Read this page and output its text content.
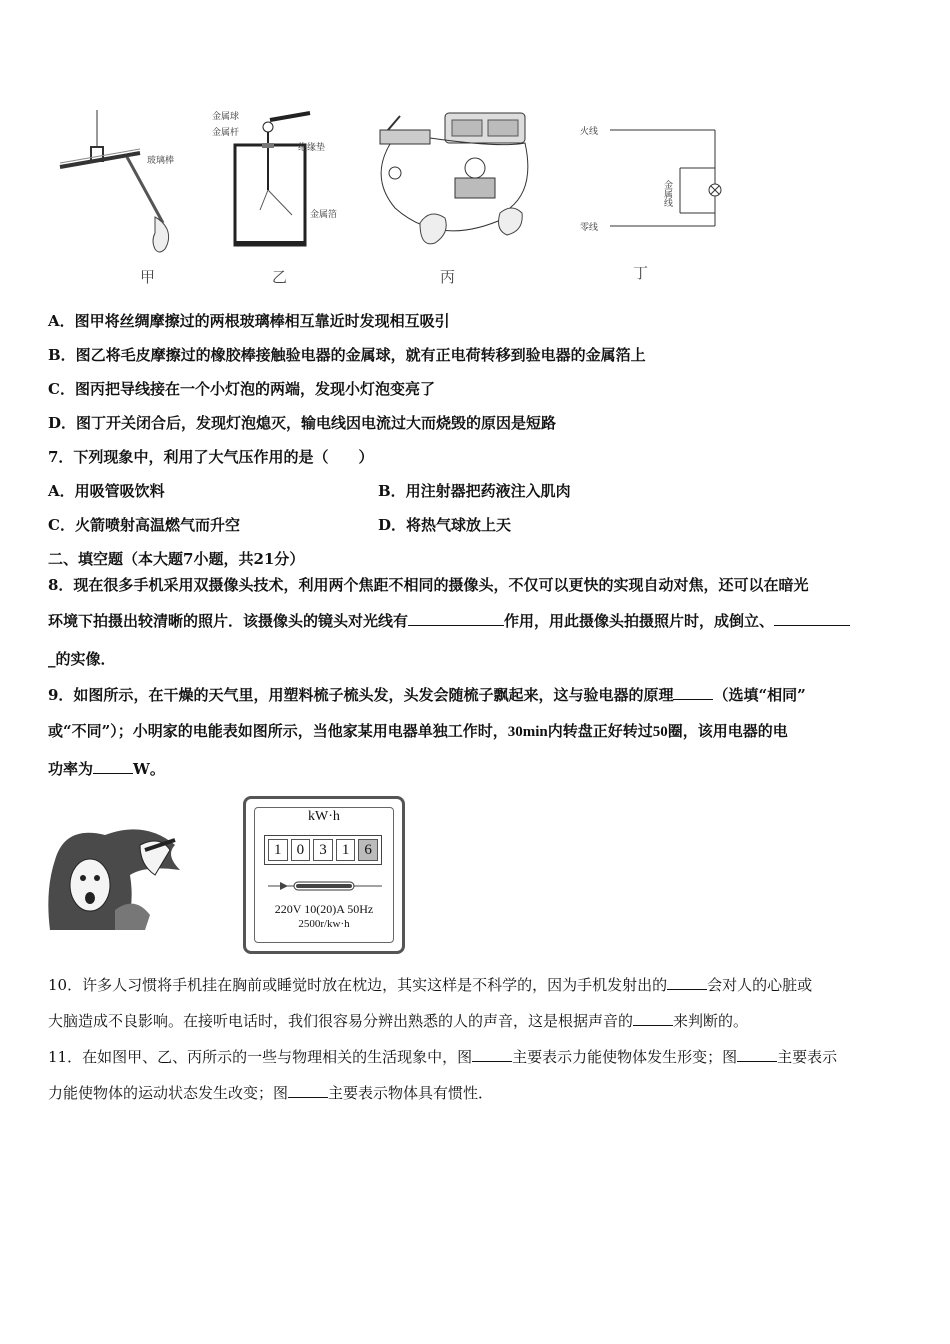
玻璃棒
甲
金属球
金属杆
绝缘垫
金属箔
乙	丙
火线
零线
金属线
丁
A．图甲将丝绸摩擦过的两根玻璃棒相互靠近时发现相互吸引
B．图乙将毛皮摩擦过的橡胶棒接触验电器的金属球，就有正电荷转移到验电器的金属箔上
C．图丙把导线接在一个小灯泡的两端，发现小灯泡变亮了
D．图丁开关闭合后，发现灯泡熄灭，输电线因电流过大而烧毁的原因是短路
7．下列现象中，利用了大气压作用的是（　　）
A．用吸管吸饮料	B．用注射器把药液注入肌肉
C．火箭喷射高温燃气而升空	D．将热气球放上天
二、填空题（本大题7小题，共21分）
8．现在很多手机采用双摄像头技术，利用两个焦距不相同的摄像头，不仅可以更快的实现自动对焦，还可以在暗光
环境下拍摄出较清晰的照片．该摄像头的镜头对光线有	作用，用此摄像头拍摄照片时，成倒立、
_的实像．
9．如图所示，在干燥的天气里，用塑料梳子梳头发，头发会随梳子飘起来，这与验电器的原理	（选填“相同”
或“不同”）；小明家的电能表如图所示，当他家某用电器单独工作时，30min内转盘正好转过50圈，该用电器的电
功率为	W。
kW·h
1	0	3	1	6
220V 10(20)A 50Hz
2500r/kw·h
10．许多人习惯将手机挂在胸前或睡觉时放在枕边，其实这样是不科学的，因为手机发射出的	会对人的心脏或
大脑造成不良影响。在接听电话时，我们很容易分辨出熟悉的人的声音，这是根据声音的	来判断的。
11．在如图甲、乙、丙所示的一些与物理相关的生活现象中，图	主要表示力能使物体发生形变；图	主要表示
力能使物体的运动状态发生改变；图	主要表示物体具有惯性．
